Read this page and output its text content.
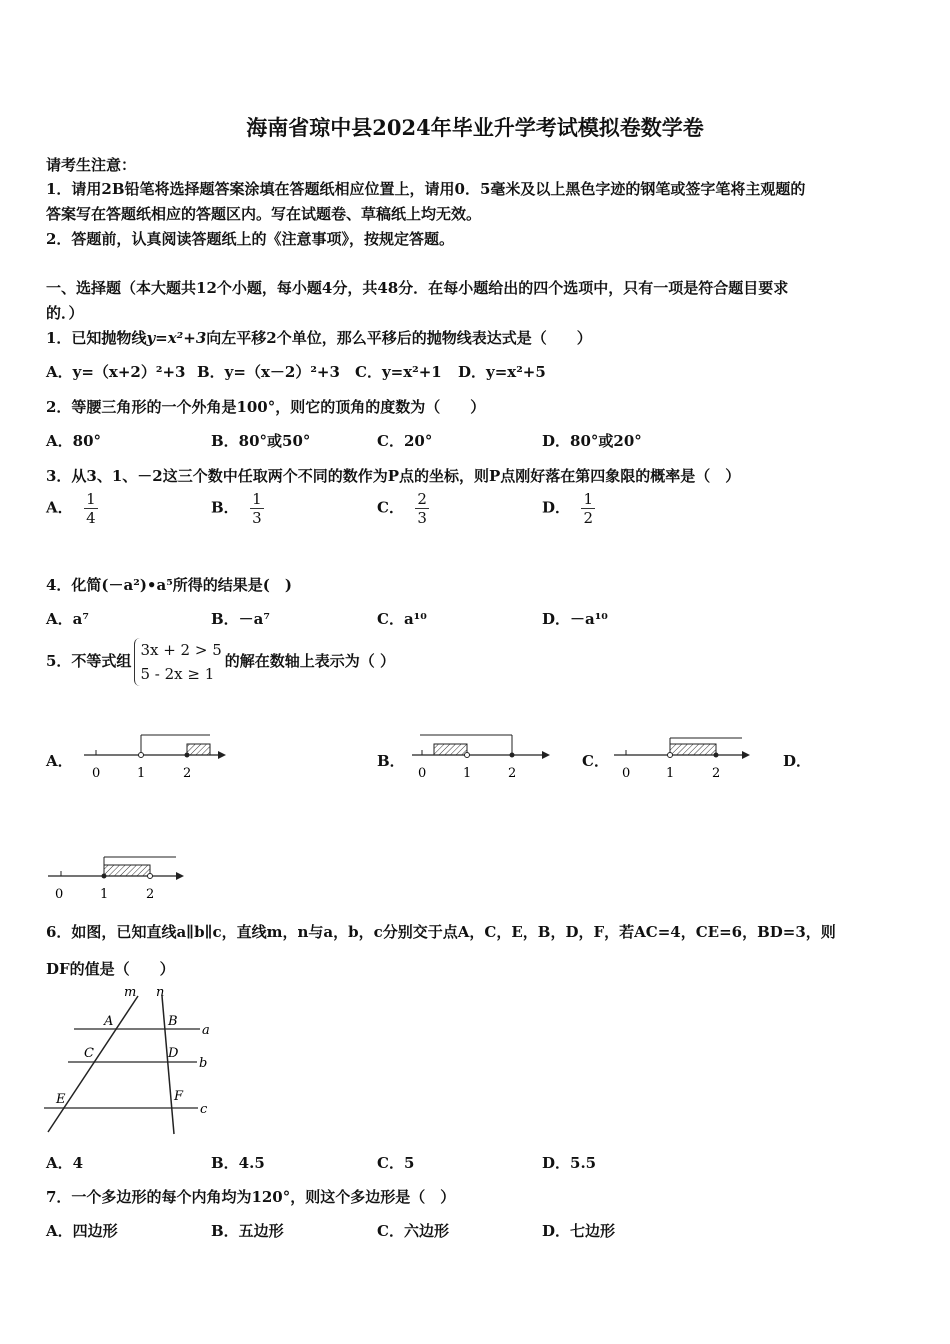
海南省琼中县2024年毕业升学考试模拟卷数学卷
请考生注意：
1．请用2B铅笔将选择题答案涂填在答题纸相应位置上，请用0．5毫米及以上黑色字迹的钢笔或签字笔将主观题的
答案写在答题纸相应的答题区内。写在试题卷、草稿纸上均无效。
2．答题前，认真阅读答题纸上的《注意事项》，按规定答题。
一、选择题（本大题共12个小题，每小题4分，共48分．在每小题给出的四个选项中，只有一项是符合题目要求
的．）
1．已知抛物线y=x²+3向左平移2个单位，那么平移后的抛物线表达式是（　　）
A．y=（x+2）²+3 B．y=（x－2）²+3 C．y=x²+1 D．y=x²+5
2．等腰三角形的一个外角是100°，则它的顶角的度数为（　　）
A．80°	B．80°或50°	C．20°	D．80°或20°
3．从3、1、－2这三个数中任取两个不同的数作为P点的坐标，则P点刚好落在第四象限的概率是（　）
A． $\frac{1}{4}$	B． $\frac{1}{3}$	C． $\frac{2}{3}$	D． $\frac{1}{2}$
4．化简(－a²)•a⁵所得的结果是(　)
A．a⁷	B．－a⁷	C．a¹⁰	D．－a¹⁰
5．不等式组
3x + 2 > 5
5 - 2x ≥ 1
的解在数轴上表示为（ ）
0	1	2	0	1	2	0	1	2
0	1	2
m n
A	B
a
C	D
b
E	F
c
A．	B．	C．	D．
6．如图，已知直线a∥b∥c，直线m，n与a，b，c分别交于点A，C，E，B，D，F，若AC=4，CE=6，BD=3，则
DF的值是（　　）
A．4	B．4.5	C．5	D．5.5
7．一个多边形的每个内角均为120°，则这个多边形是（　）
A．四边形	B．五边形	C．六边形	D．七边形
